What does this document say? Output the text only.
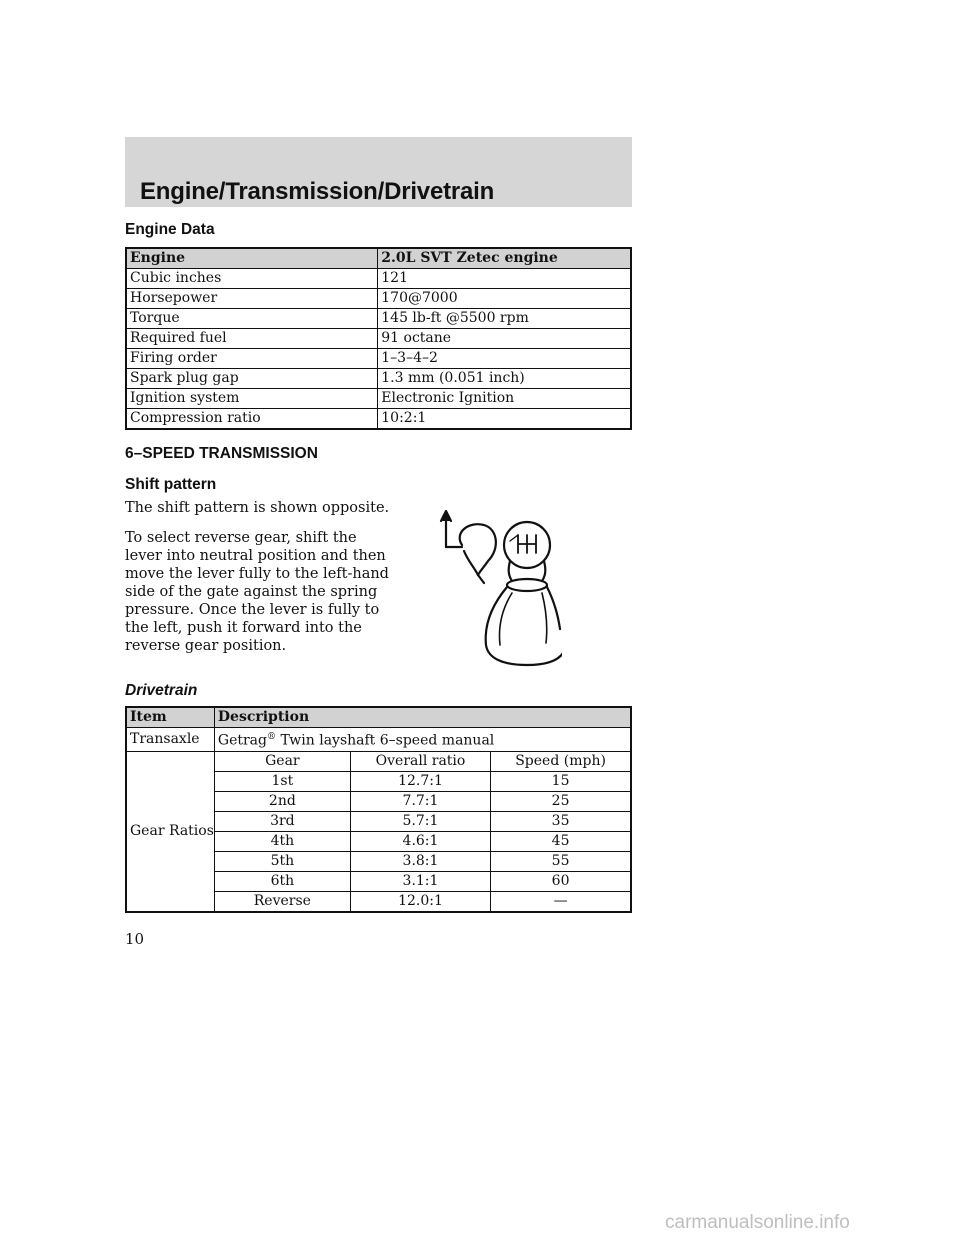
Engine/Transmission/Drivetrain
Engine Data
Engine	2.0L SVT Zetec engine
Cubic inches	121
Horsepower	170@7000
Torque	145 lb-ft @5500 rpm
Required fuel	91 octane
Firing order	1–3–4–2
Spark plug gap	1.3 mm (0.051 inch)
Ignition system	Electronic Ignition
Compression ratio	10:2:1
6–SPEED TRANSMISSION
Shift pattern
The shift pattern is shown opposite.
To select reverse gear, shift the
lever into neutral position and then
move the lever fully to the left-hand
side of the gate against the spring
pressure. Once the lever is fully to
the left, push it forward into the
reverse gear position.
Drivetrain
Item	Description		
Transaxle	Getrag® Twin layshaft 6–speed manual		
Gear Ratios	Gear	Overall ratio	Speed (mph)
	1st	12.7:1	15
	2nd	7.7:1	25
	3rd	5.7:1	35
	4th	4.6:1	45
	5th	3.8:1	55
	6th	3.1:1	60
	Reverse	12.0:1	—
10
carmanualsonline.info
